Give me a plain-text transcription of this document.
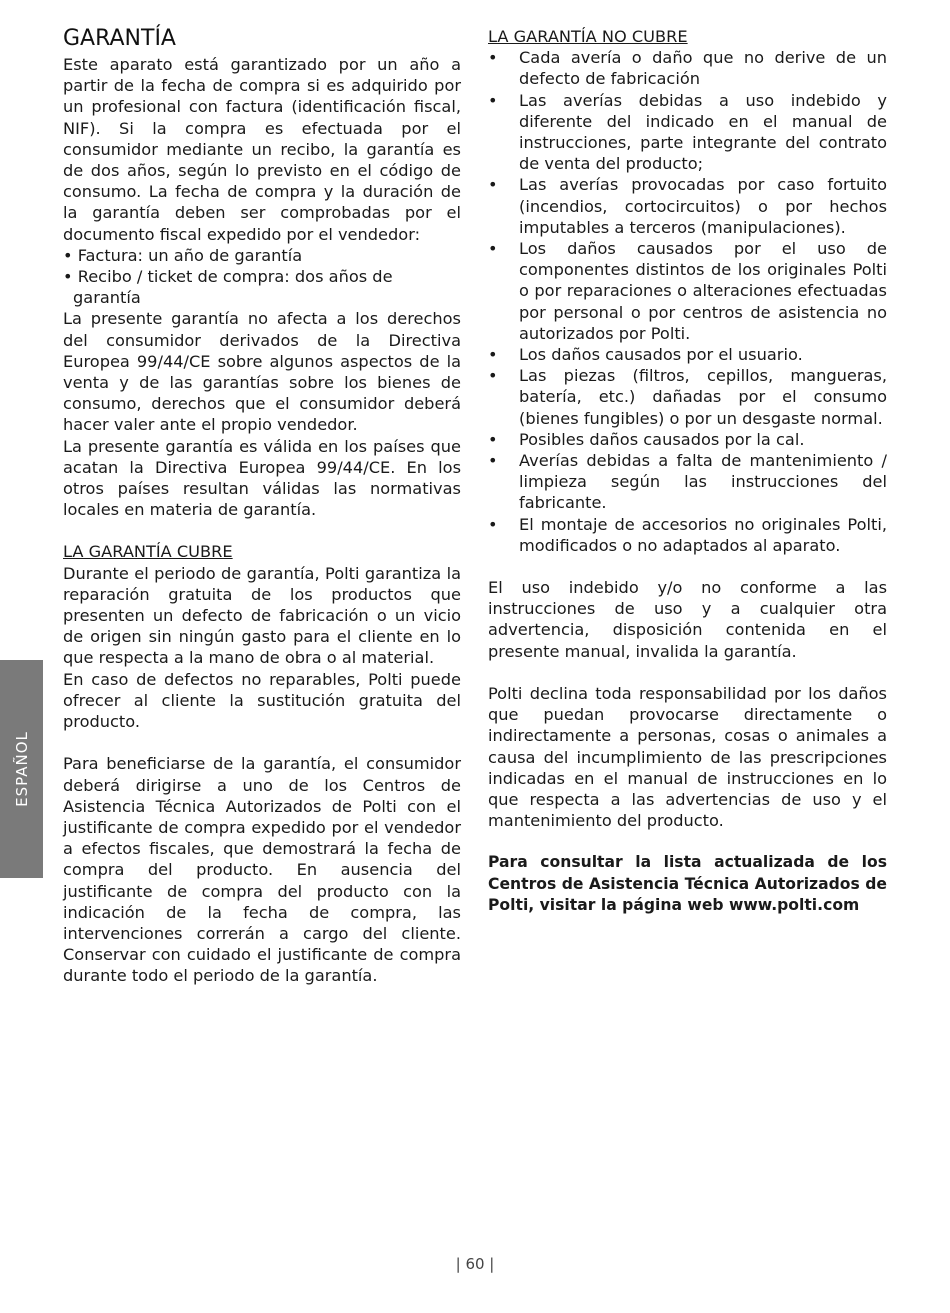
ESPAÑOL
GARANTÍA

Este aparato está garantizado por un año a partir de la fecha de compra si es adquirido por un profesional con factura (identificación fiscal, NIF). Si la compra es efectuada por el consumidor mediante un recibo, la garantía es de dos años, según lo previsto en el código de consumo. La fecha de compra y la duración de la garantía deben ser comprobadas por el documento fiscal expedido por el vendedor:

• Factura: un año de garantía

• Recibo / ticket de compra: dos años de

garantía

La presente garantía no afecta a los derechos del consumidor derivados de la Directiva Europea 99/44/CE sobre algunos aspectos de la venta y de las garantías sobre los bienes de consumo, derechos que el consumidor deberá hacer valer ante el propio vendedor.

La presente garantía es válida en los países que acatan la Directiva Europea 99/44/CE. En los otros países resultan válidas las normativas locales en materia de garantía.

LA GARANTÍA CUBRE

Durante el periodo de garantía, Polti garantiza la reparación gratuita de los productos que presenten un defecto de fabricación o un vicio de origen sin ningún gasto para el cliente en lo que respecta a la mano de obra o al material.

En caso de defectos no reparables, Polti puede ofrecer al cliente la sustitución gratuita del producto.

Para beneficiarse de la garantía, el consumidor deberá dirigirse a uno de los Centros de Asistencia Técnica Autorizados de Polti con el justificante de compra expedido por el vendedor a efectos fiscales, que demostrará la fecha de compra del producto. En ausencia del justificante de compra del producto con la indicación de la fecha de compra, las intervenciones correrán a cargo del cliente. Conservar con cuidado el justificante de compra durante todo el periodo de la garantía.

LA GARANTÍA NO CUBRE

• Cada avería o daño que no derive de un defecto de fabricación
• Las averías debidas a uso indebido y diferente del indicado en el manual de instrucciones, parte integrante del contrato de venta del producto;
• Las averías provocadas por caso fortuito (incendios, cortocircuitos) o por hechos imputables a terceros (manipulaciones).
• Los daños causados por el uso de componentes distintos de los originales Polti o por reparaciones o alteraciones efectuadas por personal o por centros de asistencia no autorizados por Polti.
• Los daños causados por el usuario.
• Las piezas (filtros, cepillos, mangueras, batería, etc.) dañadas por el consumo (bienes fungibles) o por un desgaste normal.
• Posibles daños causados por la cal.
• Averías debidas a falta de mantenimiento / limpieza según las instrucciones del fabricante.
• El montaje de accesorios no originales Polti, modificados o no adaptados al aparato.

El uso indebido y/o no conforme a las instrucciones de uso y a cualquier otra advertencia, disposición contenida en el presente manual, invalida la garantía.

Polti declina toda responsabilidad por los daños que puedan provocarse directamente o indirectamente a personas, cosas o animales a causa del incumplimiento de las prescripciones indicadas en el manual de instrucciones en lo que respecta a las advertencias de uso y el mantenimiento del producto.

Para consultar la lista actualizada de los Centros de Asistencia Técnica Autorizados de Polti, visitar la página web www.polti.com

| 60 |
